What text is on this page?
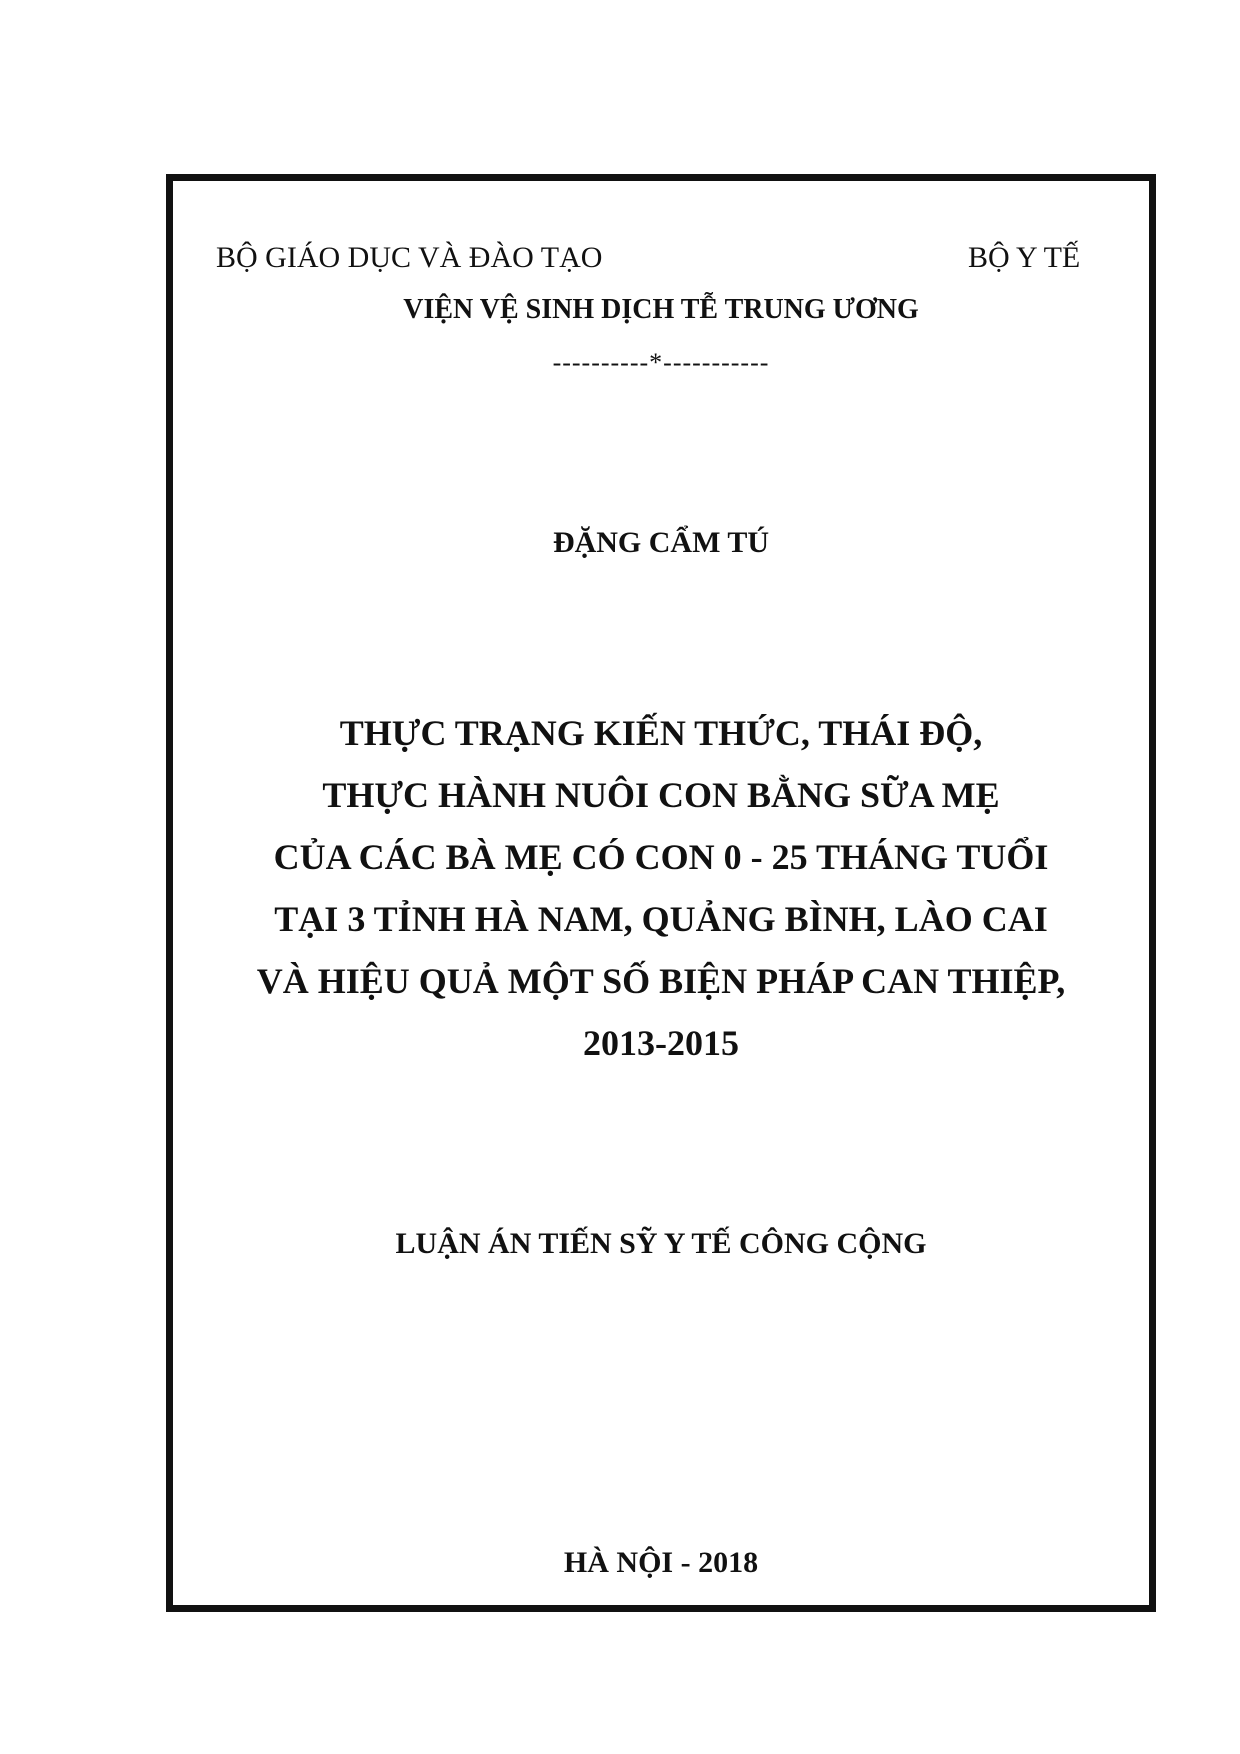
BỘ GIÁO DỤC VÀ ĐÀO TẠO	BỘ Y TẾ
VIỆN VỆ SINH DỊCH TỄ TRUNG ƯƠNG
----------*-----------
ĐẶNG CẨM TÚ
THỰC TRẠNG KIẾN THỨC, THÁI ĐỘ,
THỰC HÀNH NUÔI CON BẰNG SỮA MẸ
CỦA CÁC BÀ MẸ CÓ CON 0 - 25 THÁNG TUỔI
TẠI 3 TỈNH HÀ NAM, QUẢNG BÌNH, LÀO CAI
VÀ HIỆU QUẢ MỘT SỐ BIỆN PHÁP CAN THIỆP,
2013-2015
LUẬN ÁN TIẾN SỸ Y TẾ CÔNG CỘNG
HÀ NỘI - 2018
